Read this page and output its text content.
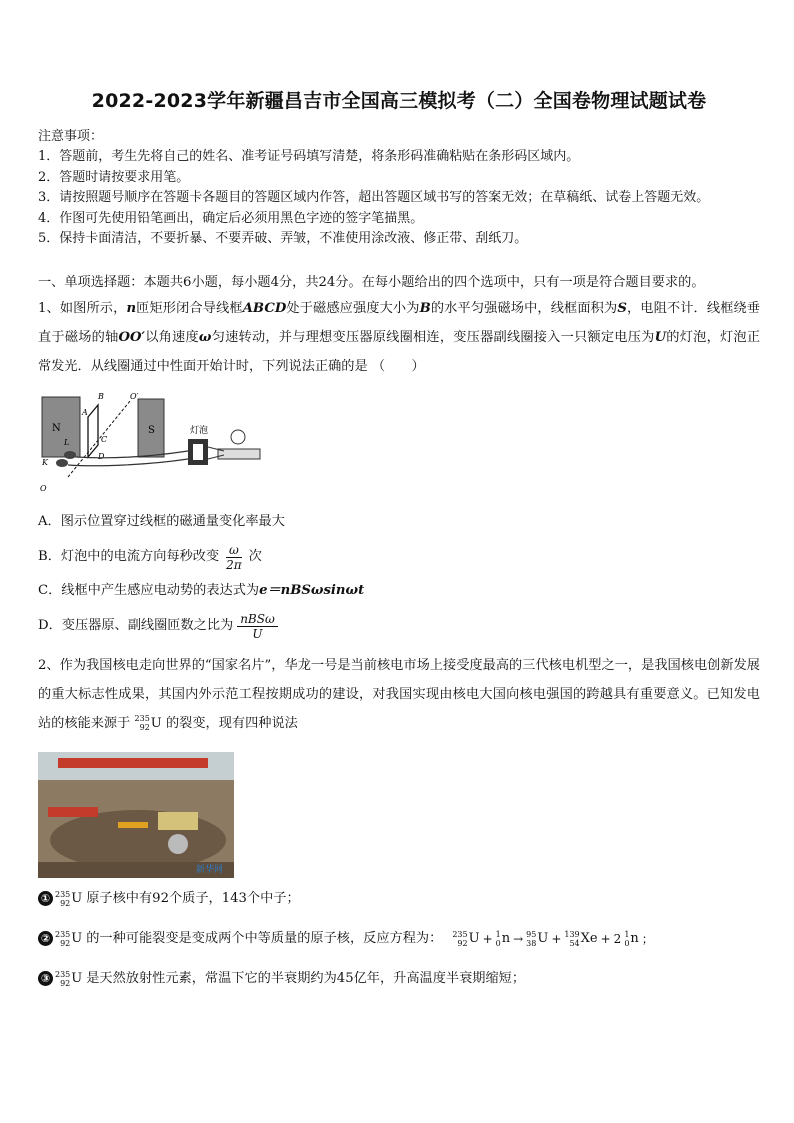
2022-2023学年新疆昌吉市全国高三模拟考（二）全国卷物理试题试卷
注意事项：
1．答题前，考生先将自己的姓名、准考证号码填写清楚，将条形码准确粘贴在条形码区域内。
2．答题时请按要求用笔。
3．请按照题号顺序在答题卡各题目的答题区域内作答，超出答题区域书写的答案无效；在草稿纸、试卷上答题无效。
4．作图可先使用铅笔画出，确定后必须用黑色字迹的签字笔描黑。
5．保持卡面清洁，不要折暴、不要弄破、弄皱，不准使用涂改液、修正带、刮纸刀。
一、单项选择题：本题共6小题，每小题4分，共24分。在每小题给出的四个选项中，只有一项是符合题目要求的。
1、如图所示，n匝矩形闭合导线框ABCD处于磁感应强度大小为B的水平匀强磁场中，线框面积为S，电阻不计．线框绕垂直于磁场的轴OO′以角速度ω匀速转动，并与理想变压器原线圈相连，变压器副线圈接入一只额定电压为U的灯泡，灯泡正常发光．从线圈通过中性面开始计时，下列说法正确的是 （　　）
N	S
B
A
C
D
O′
L
K
O
灯泡
A．图示位置穿过线框的磁通量变化率最大
B．灯泡中的电流方向每秒改变 $\frac{\omega}{2\pi}$ 次
C．线框中产生感应电动势的表达式为 e＝nBSωsinωt
D．变压器原、副线圈匝数之比为 $\frac{\text{nBSω}}{U}$
2、作为我国核电走向世界的“国家名片”，华龙一号是当前核电市场上接受度最高的三代核电机型之一，是我国核电创新发展的重大标志性成果，其国内外示范工程按期成功的建设，对我国实现由核电大国向核电强国的跨越具有重要意义。已知发电站的核能来源于 235
92 U 的裂变，现有四种说法
新华网
① 235
92 U 原子核中有92个质子，143个中子；
② 235
92 U 的一种可能裂变是变成两个中等质量的原子核，反应方程为： 235
92 U + 1
0 n → 95
38 U + 139
54 Xe + 2 1
0 n ；
③ 235
92 U 是天然放射性元素，常温下它的半衰期约为45亿年，升高温度半衰期缩短；
